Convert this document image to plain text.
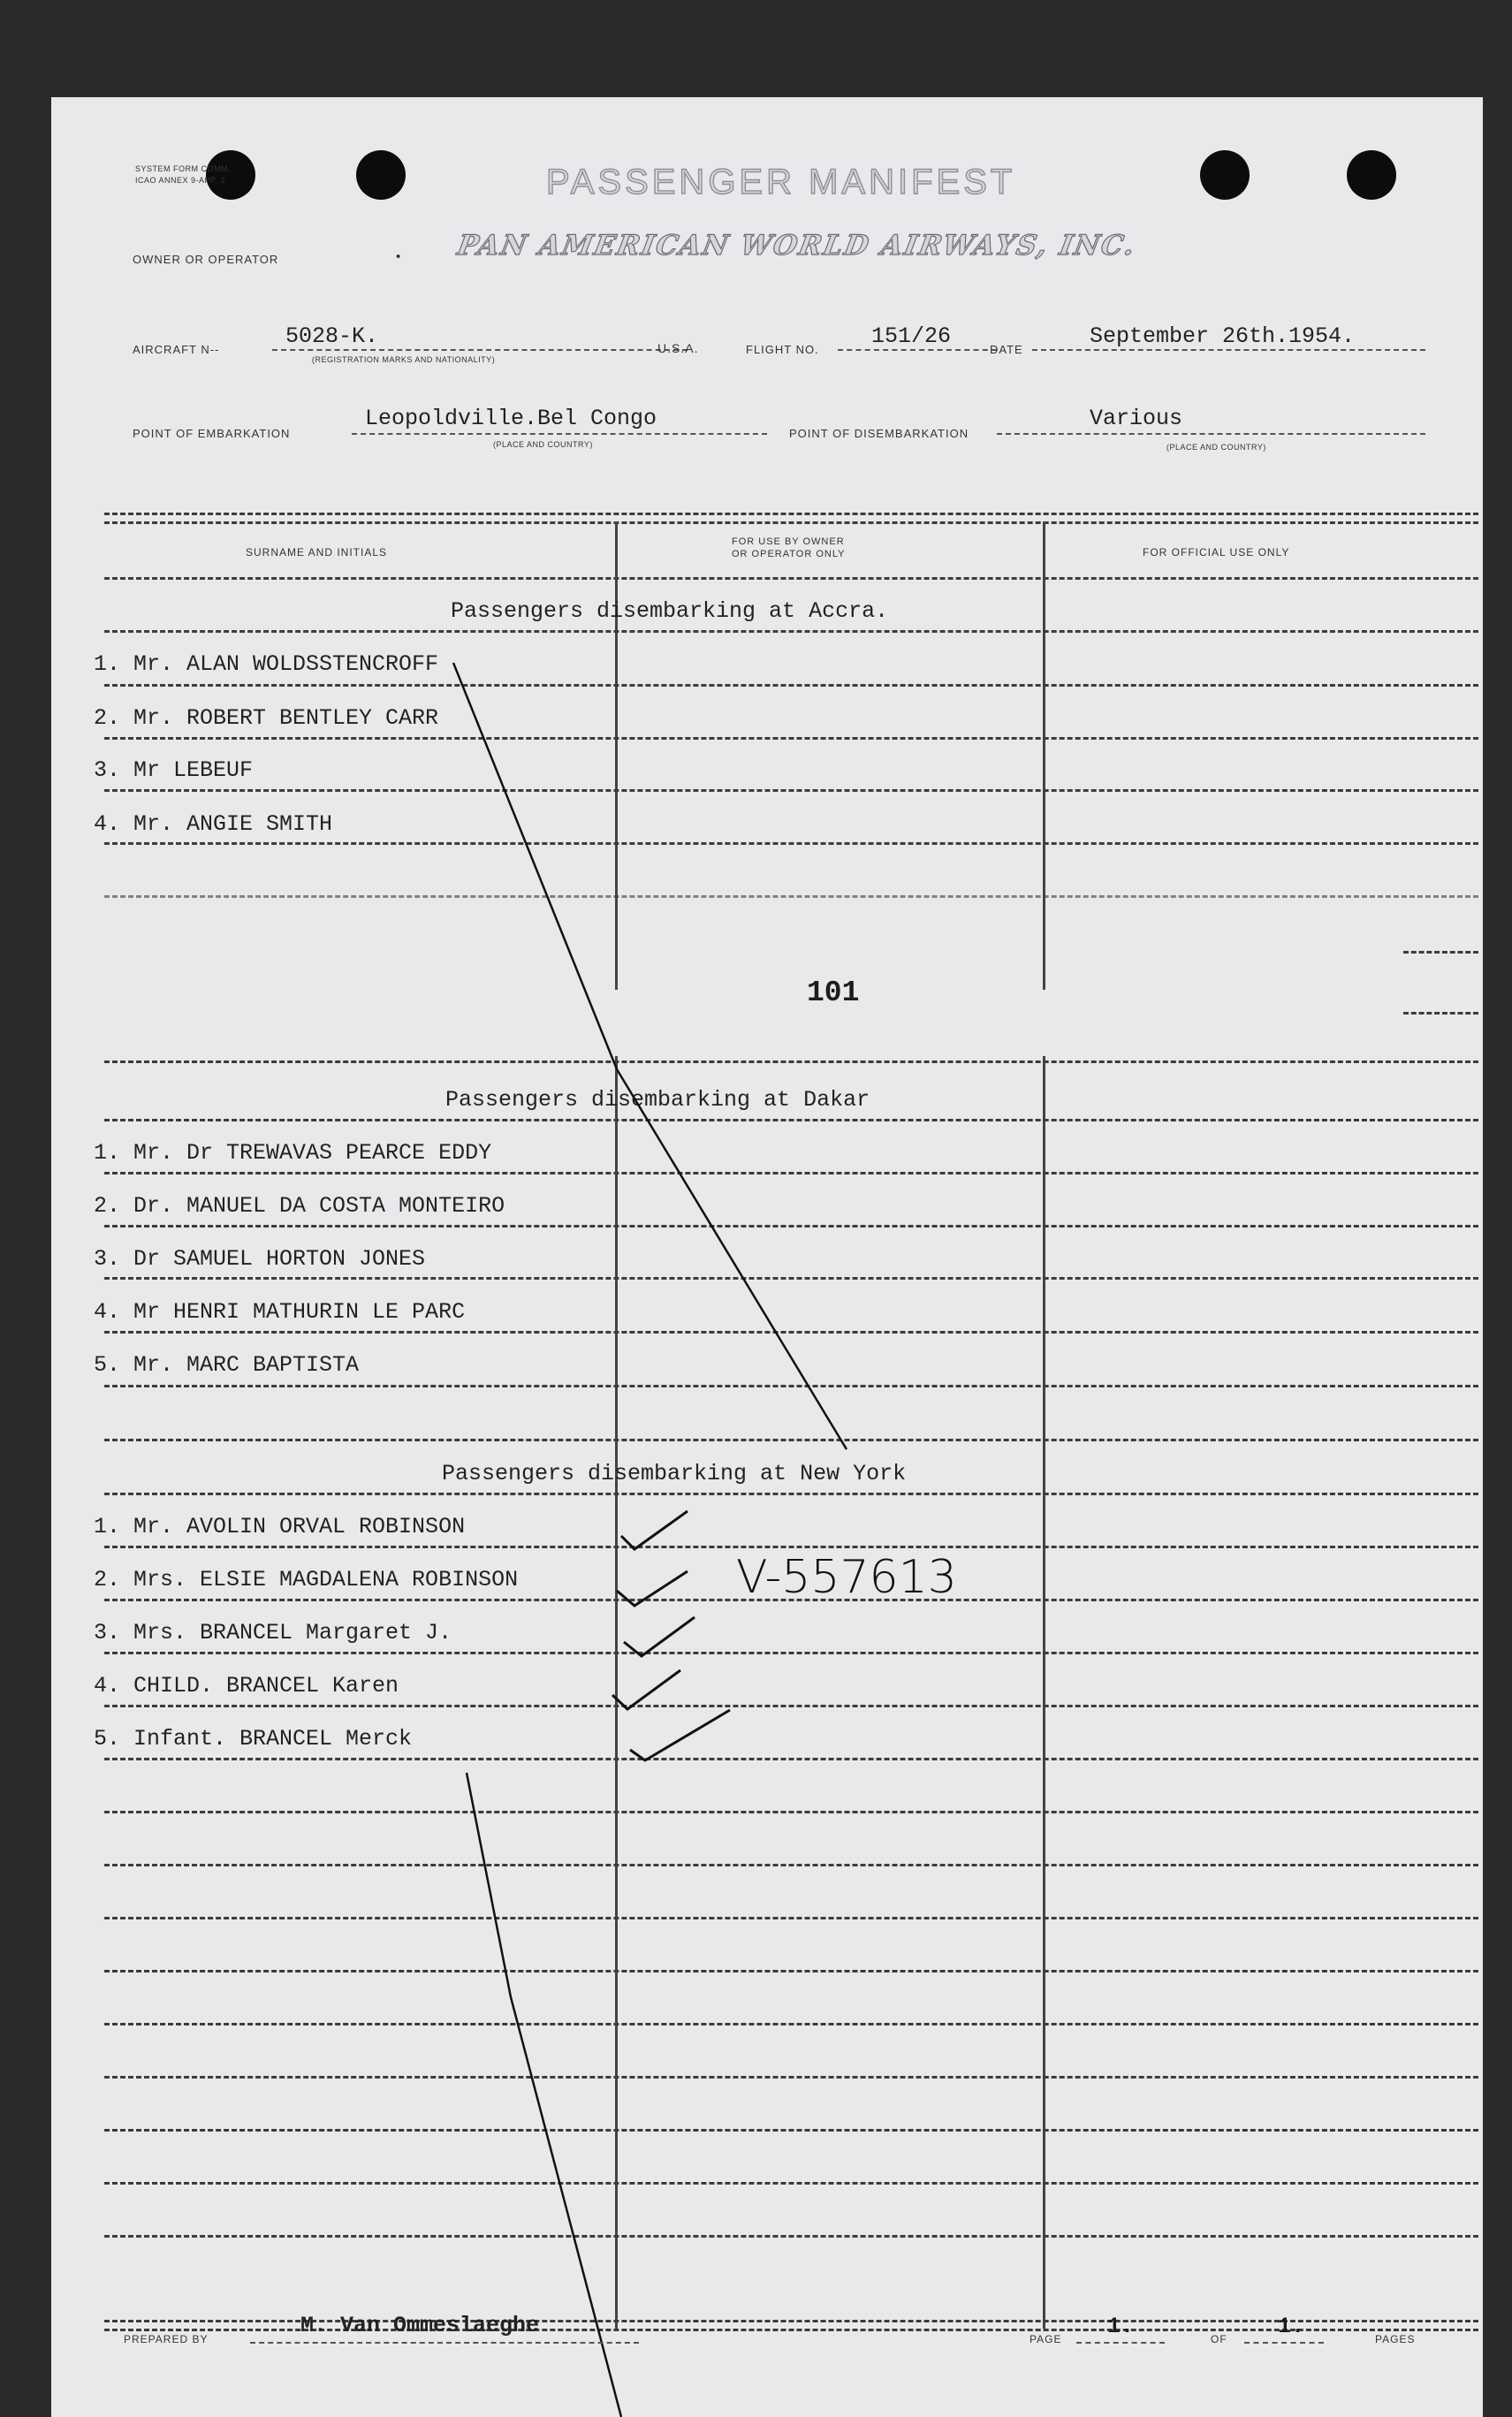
SYSTEM FORM COMM.
ICAO ANNEX 9-APP. 2	PASSENGER MANIFEST
OWNER OR OPERATOR	• PAN AMERICAN WORLD AIRWAYS, INC.
AIRCRAFT N--
5028-K.
(REGISTRATION MARKS AND NATIONALITY)
U.S.A.	FLIGHT NO.
151/26
DATE
September 26th.1954.
POINT OF EMBARKATION
Leopoldville.Bel Congo
(PLACE AND COUNTRY)
POINT OF DISEMBARKATION
Various
(PLACE AND COUNTRY)
SURNAME AND INITIALS
FOR USE BY OWNER
OR OPERATOR ONLY	FOR OFFICIAL USE ONLY
Passengers disembarking at Accra.
1. Mr. ALAN WOLDSSTENCROFF
2. Mr. ROBERT BENTLEY CARR
3. Mr LEBEUF
4. Mr. ANGIE SMITH
101
Passengers disembarking at Dakar
1. Mr. Dr TREWAVAS PEARCE EDDY
2. Dr. MANUEL DA COSTA MONTEIRO
3. Dr SAMUEL HORTON JONES
4. Mr HENRI MATHURIN LE PARC
5. Mr. MARC BAPTISTA
Passengers disembarking at New York
1. Mr. AVOLIN ORVAL ROBINSON
2. Mrs. ELSIE MAGDALENA ROBINSON
3. Mrs. BRANCEL Margaret J.
4. CHILD. BRANCEL Karen
5. Infant. BRANCEL Merck
V-557613
PREPARED BY
M. Van Ommeslaeghe
PAGE 1.	OF 1.	PAGES
